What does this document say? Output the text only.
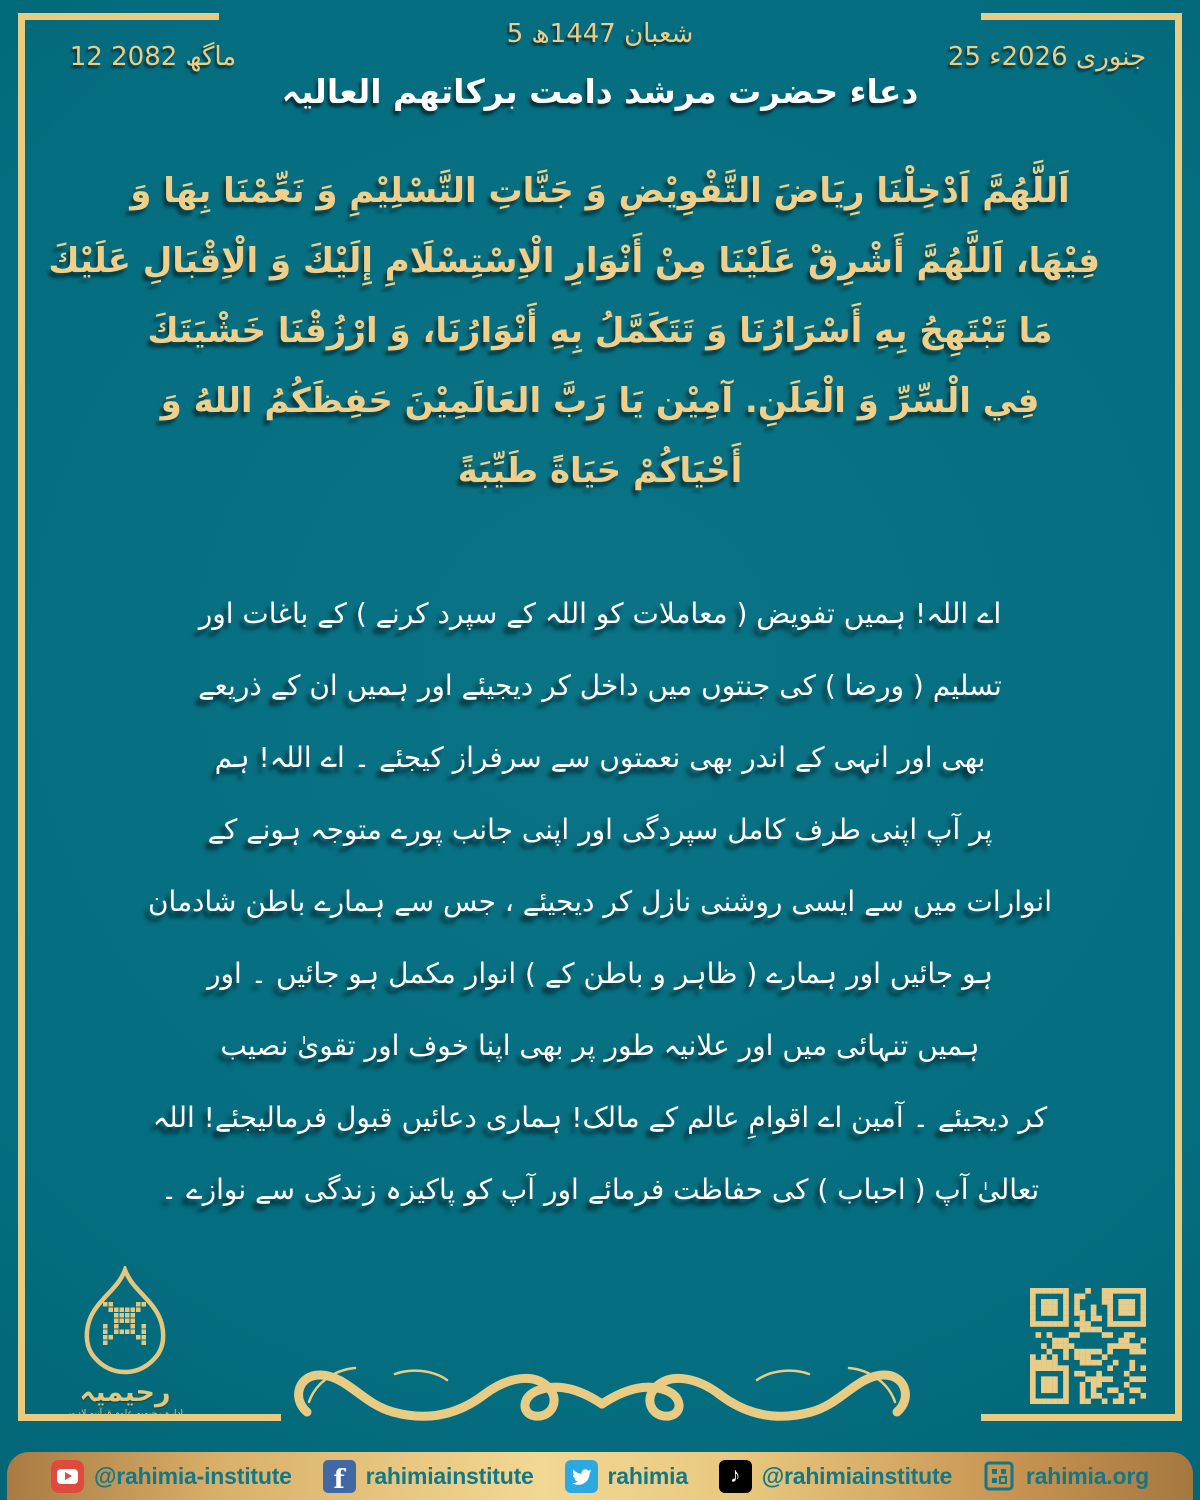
12 ماگھ 2082
5 شعبان 1447ھ
25 جنوری 2026ء
دعاء حضرت مرشد دامت برکاتھم العالیہ
اَللَّهُمَّ اَدْخِلْنَا رِيَاضَ التَّفْوِيْضِ وَ جَنَّاتِ التَّسْلِيْمِ وَ نَعِّمْنَا بِهَا وَ
فِيْهَا، اَللَّهُمَّ أَشْرِقْ عَلَيْنَا مِنْ أَنْوَارِ الْاِسْتِسْلَامِ إِلَيْكَ وَ الْاِقْبَالِ عَلَيْكَ
مَا تَبْتَهِجُ بِهِ أَسْرَارُنَا وَ تَتَكَمَّلُ بِهِ أَنْوَارُنَا، وَ ارْزُقْنَا خَشْيَتَكَ
فِي الْسِّرِّ وَ الْعَلَنِ. آمِيْن يَا رَبَّ العَالَمِيْنَ حَفِظَكُمُ اللهُ وَ
أَحْيَاكُمْ حَيَاةً طَيِّبَةً
اے اللہ! ہمیں تفویض ( معاملات کو اللہ کے سپرد کرنے ) کے باغات اور
تسلیم ( ورضا ) کی جنتوں میں داخل کر دیجیئے اور ہمیں ان کے ذریعے
بھی اور انہی کے اندر بھی نعمتوں سے سرفراز کیجئے ۔ اے اللہ! ہم
پر آپ اپنی طرف کامل سپردگی اور اپنی جانب پورے متوجہ ہونے کے
انوارات میں سے ایسی روشنی نازل کر دیجیئے ، جس سے ہمارے باطن شادمان
ہو جائیں اور ہمارے ( ظاہر و باطن کے ) انوار مکمل ہو جائیں ۔ اور
ہمیں تنہائی میں اور علانیہ طور پر بھی اپنا خوف اور تقویٰ نصیب
کر دیجیئے ۔ آمین اے اقوامِ عالم کے مالک! ہماری دعائیں قبول فرمالیجئے! اللہ
تعالیٰ آپ ( احباب ) کی حفاظت فرمائے اور آپ کو پاکیزہ زندگی سے نوازے ۔
رحیمیہ
ادارہ رحیمیہ علومِ قرآنیہ لاہور
@rahimia-institute f rahimiainstitute	rahimia ♪ @rahimiainstitute	rahimia.org
